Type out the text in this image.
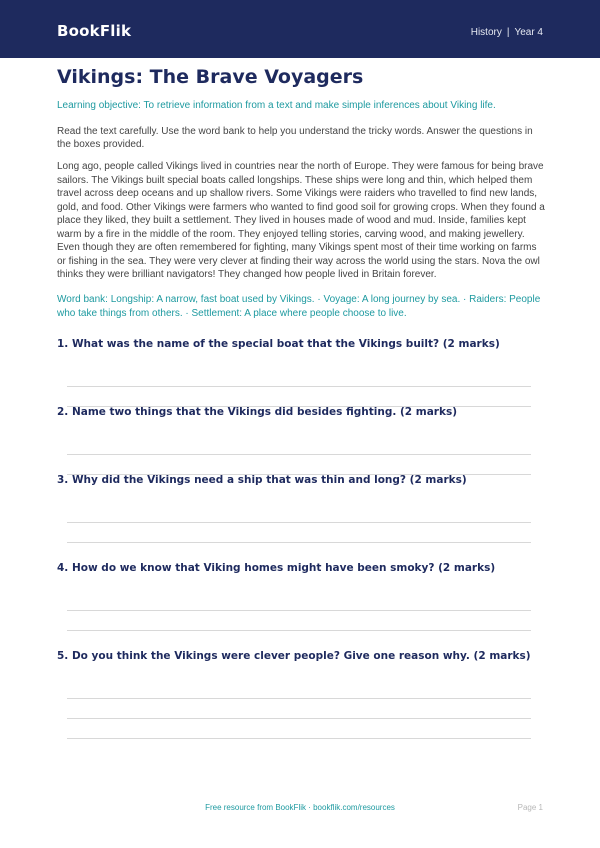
BookFlik	History | Year 4
Vikings: The Brave Voyagers
Learning objective: To retrieve information from a text and make simple inferences about Viking life.
Read the text carefully. Use the word bank to help you understand the tricky words. Answer the questions in the boxes provided.
Long ago, people called Vikings lived in countries near the north of Europe. They were famous for being brave sailors. The Vikings built special boats called longships. These ships were long and thin, which helped them travel across deep oceans and up shallow rivers. Some Vikings were raiders who travelled to find new lands, gold, and food. Other Vikings were farmers who wanted to find good soil for growing crops. When they found a place they liked, they built a settlement. They lived in houses made of wood and mud. Inside, families kept warm by a fire in the middle of the room. They enjoyed telling stories, carving wood, and making jewellery. Even though they are often remembered for fighting, many Vikings spent most of their time working on farms or fishing in the sea. They were very clever at finding their way across the world using the stars. Nova the owl thinks they were brilliant navigators! They changed how people lived in Britain forever.
Word bank: Longship: A narrow, fast boat used by Vikings. · Voyage: A long journey by sea. · Raiders: People who take things from others. · Settlement: A place where people choose to live.
1. What was the name of the special boat that the Vikings built? (2 marks)
2. Name two things that the Vikings did besides fighting. (2 marks)
3. Why did the Vikings need a ship that was thin and long? (2 marks)
4. How do we know that Viking homes might have been smoky? (2 marks)
5. Do you think the Vikings were clever people? Give one reason why. (2 marks)
Free resource from BookFlik · bookflik.com/resources	Page 1
